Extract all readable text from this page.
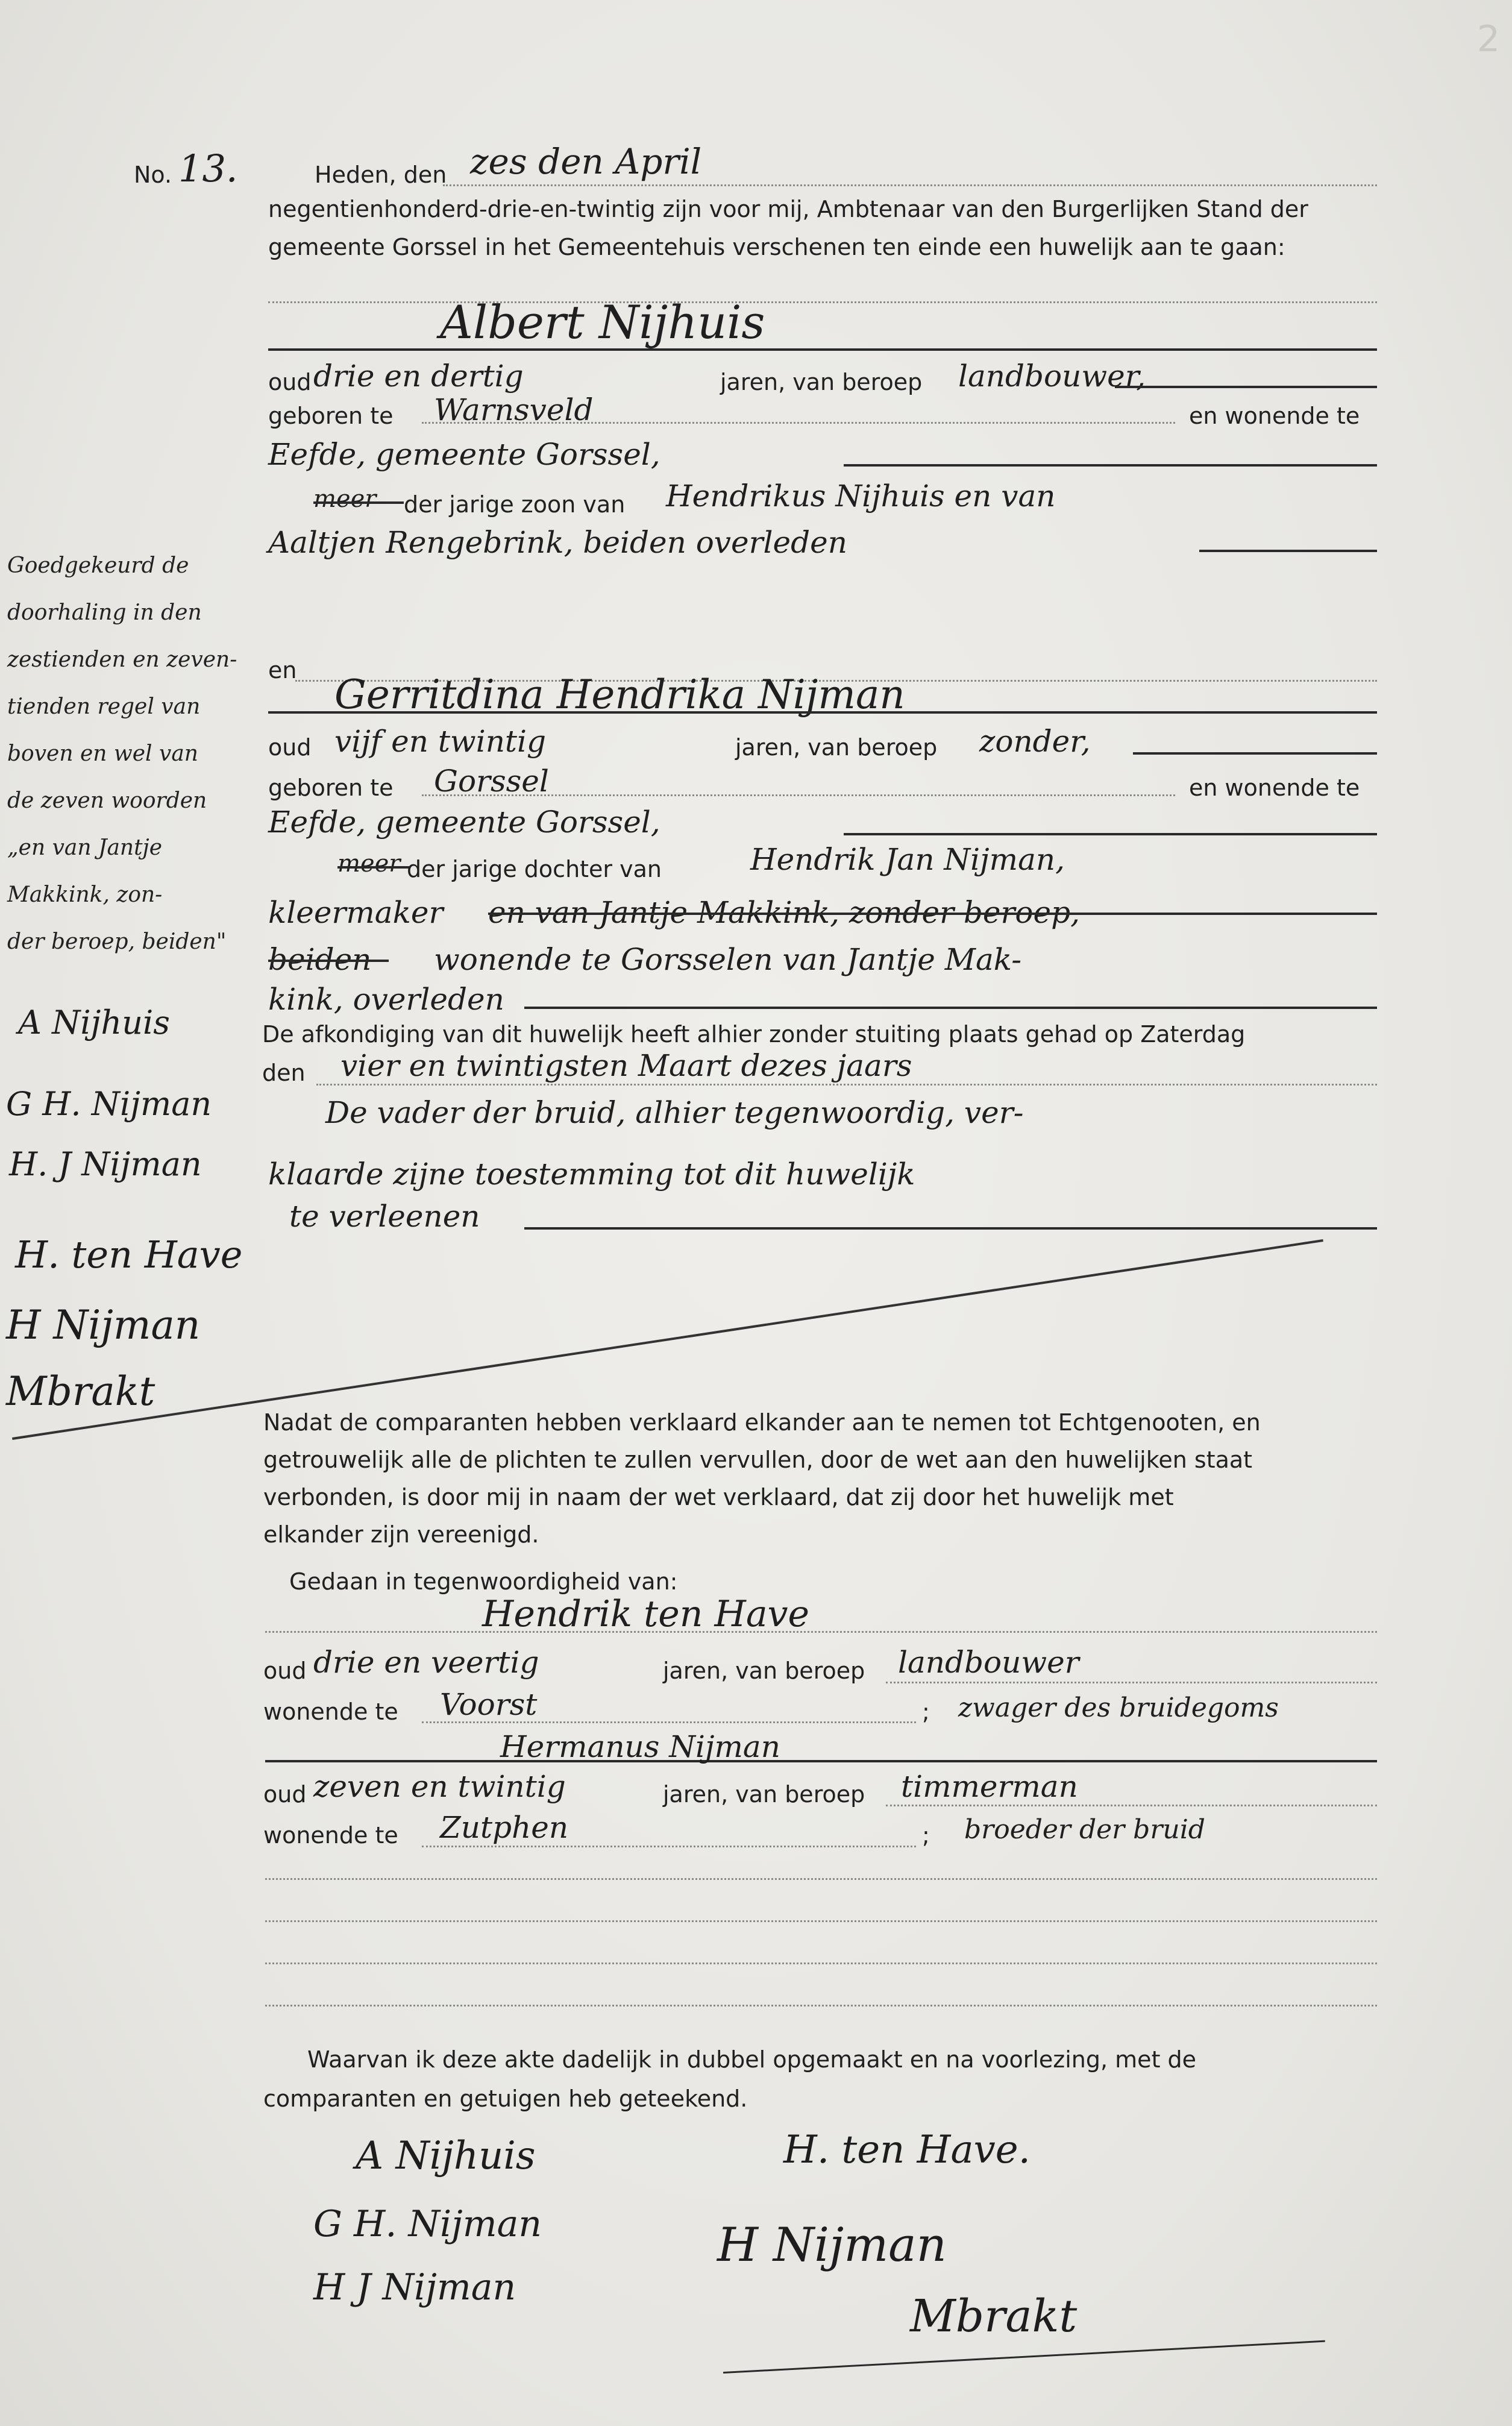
2
No. 13.	Heden, den zes den April
negentienhonderd-drie-en-twintig zijn voor mij, Ambtenaar van den Burgerlijken Stand der
gemeente Gorssel in het Gemeentehuis verschenen ten einde een huwelijk aan te gaan:
Albert Nijhuis
oud drie en dertig	jaren, van beroep landbouwer,
geboren te Warnsveld	en wonende te
Eefde, gemeente Gorssel,
meer der jarige zoon van Hendrikus Nijhuis en van
Aaltjen Rengebrink, beiden overleden
en
Gerritdina Hendrika Nijman
oud vijf en twintig	jaren, van beroep zonder,
geboren te Gorssel	en wonende te
Eefde, gemeente Gorssel,
meer der jarige dochter van	Hendrik Jan Nijman,
kleermaker en van Jantje Makkink, zonder beroep,
beiden wonende te Gorsselen van Jantje Mak-
kink, overleden
De afkondiging van dit huwelijk heeft alhier zonder stuiting plaats gehad op Zaterdag
den vier en twintigsten Maart dezes jaars
De vader der bruid, alhier tegenwoordig, ver-
klaarde zijne toestemming tot dit huwelijk
te verleenen
Goedgekeurd de
doorhaling in den
zestienden en zeven-
tienden regel van
boven en wel van
de zeven woorden
„en van Jantje
Makkink, zon-
der beroep, beiden"
A Nijhuis
G H. Nijman
H. J Nijman
H. ten Have
H Nijman
Mbrakt
Nadat de comparanten hebben verklaard elkander aan te nemen tot Echtgenooten, en
getrouwelijk alle de plichten te zullen vervullen, door de wet aan den huwelijken staat
verbonden, is door mij in naam der wet verklaard, dat zij door het huwelijk met
elkander zijn vereenigd.
Gedaan in tegenwoordigheid van:
Hendrik ten Have
oud drie en veertig	jaren, van beroep landbouwer
wonende te Voorst	; zwager des bruidegoms
Hermanus Nijman
oud zeven en twintig	jaren, van beroep timmerman
wonende te Zutphen	; broeder der bruid
Waarvan ik deze akte dadelijk in dubbel opgemaakt en na voorlezing, met de
comparanten en getuigen heb geteekend.
A Nijhuis
G H. Nijman
H J Nijman
H. ten Have.
H Nijman
Mbrakt
